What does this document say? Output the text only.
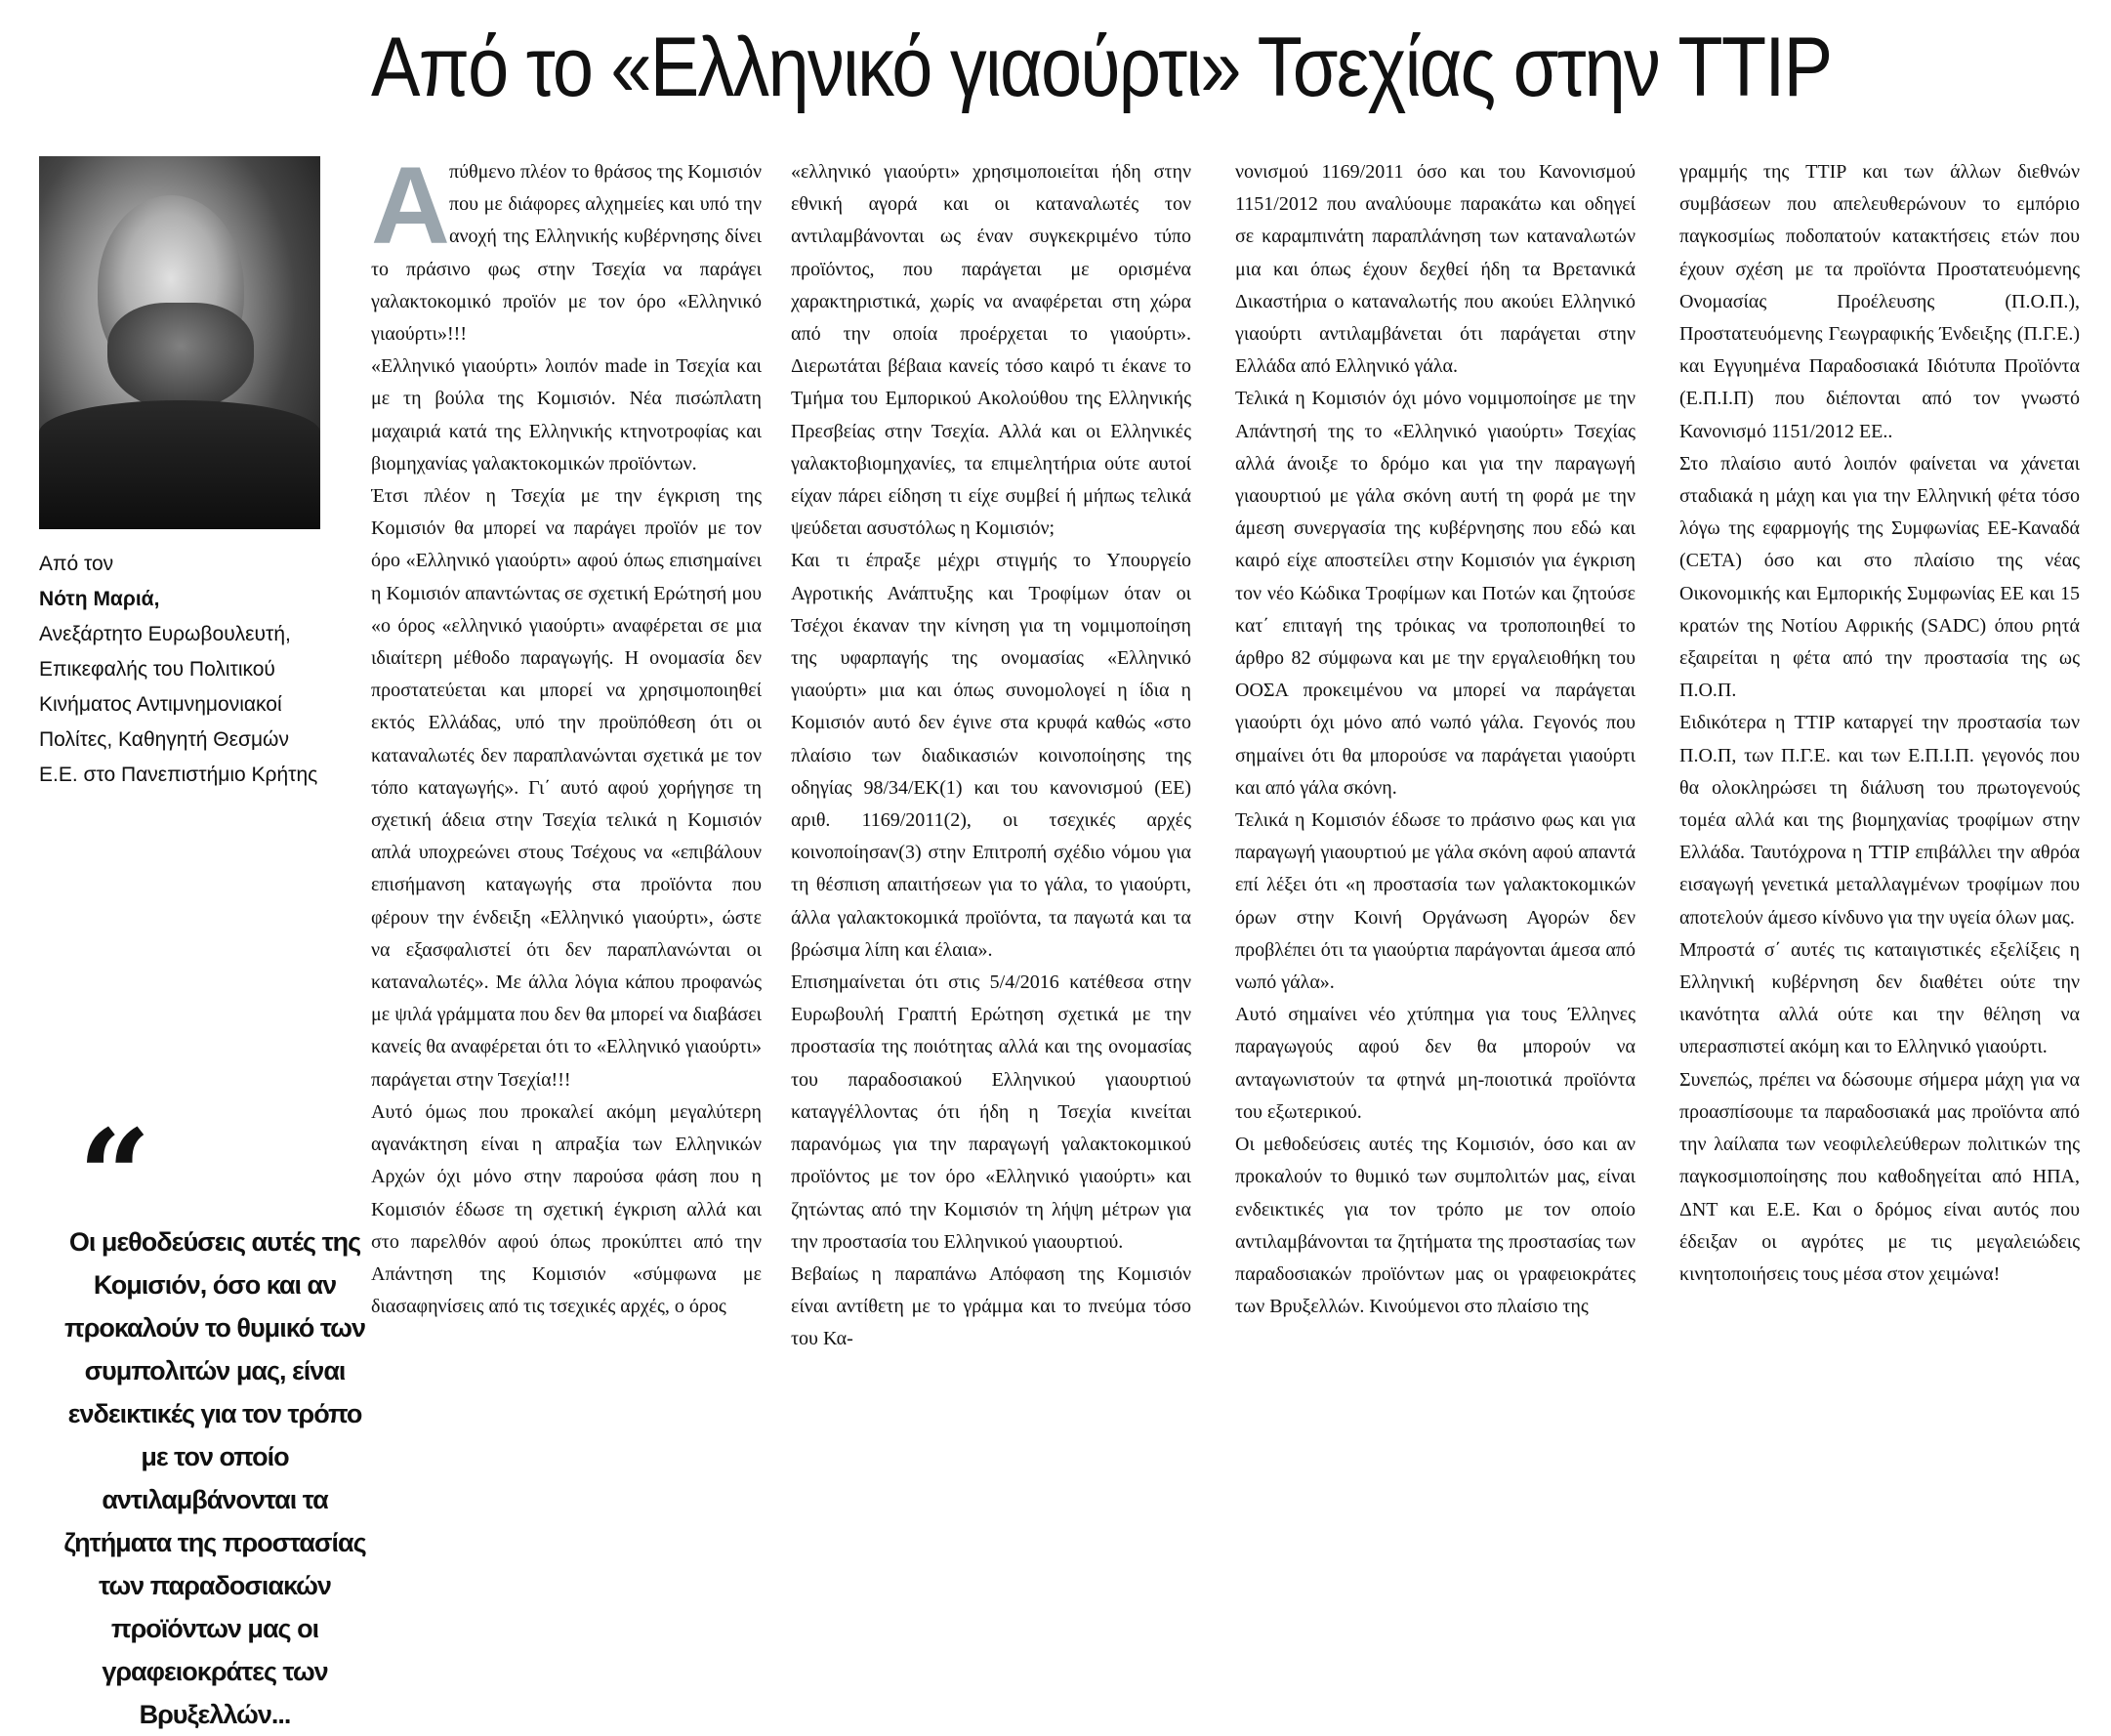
Από το «Ελληνικό γιαούρτι» Τσεχίας στην TTIP
Από τον
Νότη Μαριά,
Ανεξάρτητο Ευρωβουλευτή, Επικεφαλής του Πολιτικού Κινήματος Αντιμνημονιακοί Πολίτες, Καθηγητή Θεσμών Ε.Ε. στο Πανεπιστήμιο Κρήτης
“
Οι μεθοδεύσεις αυτές της Κομισιόν, όσο και αν προκαλούν το θυμικό των συμπολιτών μας, είναι ενδεικτικές για τον τρόπο με τον οποίο αντιλαμβάνονται τα ζητήματα της προστασίας των παραδοσιακών προϊόντων μας οι γραφειοκράτες των Βρυξελλών...
Α πύθμενο πλέον το θράσος της Κομισιόν που με διάφορες αλχημείες και υπό την ανοχή της Ελληνικής κυβέρνησης δίνει το πράσινο φως στην Τσεχία να παράγει γαλακτοκομικό προϊόν με τον όρο «Ελληνικό γιαούρτι»!!!

«Ελληνικό γιαούρτι» λοιπόν made in Τσεχία και με τη βούλα της Κομισιόν. Νέα πισώπλατη μαχαιριά κατά της Ελληνικής κτηνοτροφίας και βιομηχανίας γαλακτοκομικών προϊόντων.

Έτσι πλέον η Τσεχία με την έγκριση της Κομισιόν θα μπορεί να παράγει προϊόν με τον όρο «Ελληνικό γιαούρτι» αφού όπως επισημαίνει η Κομισιόν απαντώντας σε σχετική Ερώτησή μου «ο όρος «ελληνικό γιαούρτι» αναφέρεται σε μια ιδιαίτερη μέθοδο παραγωγής. Η ονομασία δεν προστατεύεται και μπορεί να χρησιμοποιηθεί εκτός Ελλάδας, υπό την προϋπόθεση ότι οι καταναλωτές δεν παραπλανώνται σχετικά με τον τόπο καταγωγής». Γι΄ αυτό αφού χορήγησε τη σχετική άδεια στην Τσεχία τελικά η Κομισιόν απλά υποχρεώνει στους Τσέχους να «επιβάλουν επισήμανση καταγωγής στα προϊόντα που φέρουν την ένδειξη «Ελληνικό γιαούρτι», ώστε να εξασφαλιστεί ότι δεν παραπλανώνται οι καταναλωτές». Με άλλα λόγια κάπου προφανώς με ψιλά γράμματα που δεν θα μπορεί να διαβάσει κανείς θα αναφέρεται ότι το «Ελληνικό γιαούρτι» παράγεται στην Τσεχία!!!

Αυτό όμως που προκαλεί ακόμη μεγαλύτερη αγανάκτηση είναι η απραξία των Ελληνικών Αρχών όχι μόνο στην παρούσα φάση που η Κομισιόν έδωσε τη σχετική έγκριση αλλά και στο παρελθόν αφού όπως προκύπτει από την Απάντηση της Κομισιόν «σύμφωνα με διασαφηνίσεις από τις τσεχικές αρχές, ο όρος

«ελληνικό γιαούρτι» χρησιμοποιείται ήδη στην εθνική αγορά και οι καταναλωτές τον αντιλαμβάνονται ως έναν συγκεκριμένο τύπο προϊόντος, που παράγεται με ορισμένα χαρακτηριστικά, χωρίς να αναφέρεται στη χώρα από την οποία προέρχεται το γιαούρτι». Διερωτάται βέβαια κανείς τόσο καιρό τι έκανε το Τμήμα του Εμπορικού Ακολούθου της Ελληνικής Πρεσβείας στην Τσεχία. Αλλά και οι Ελληνικές γαλακτοβιομηχανίες, τα επιμελητήρια ούτε αυτοί είχαν πάρει είδηση τι είχε συμβεί ή μήπως τελικά ψεύδεται ασυστόλως η Κομισιόν;

Και τι έπραξε μέχρι στιγμής το Υπουργείο Αγροτικής Ανάπτυξης και Τροφίμων όταν οι Τσέχοι έκαναν την κίνηση για τη νομιμοποίηση της υφαρπαγής της ονομασίας «Ελληνικό γιαούρτι» μια και όπως συνομολογεί η ίδια η Κομισιόν αυτό δεν έγινε στα κρυφά καθώς «στο πλαίσιο των διαδικασιών κοινοποίησης της οδηγίας 98/34/ΕΚ(1) και του κανονισμού (ΕΕ) αριθ. 1169/2011(2), οι τσεχικές αρχές κοινοποίησαν(3) στην Επιτροπή σχέδιο νόμου για τη θέσπιση απαιτήσεων για το γάλα, το γιαούρτι, άλλα γαλακτοκομικά προϊόντα, τα παγωτά και τα βρώσιμα λίπη και έλαια».

Επισημαίνεται ότι στις 5/4/2016 κατέθεσα στην Ευρωβουλή Γραπτή Ερώτηση σχετικά με την προστασία της ποιότητας αλλά και της ονομασίας του παραδοσιακού Ελληνικού γιαουρτιού καταγγέλλοντας ότι ήδη η Τσεχία κινείται παρανόμως για την παραγωγή γαλακτοκομικού προϊόντος με τον όρο «Ελληνικό γιαούρτι» και ζητώντας από την Κομισιόν τη λήψη μέτρων για την προστασία του Ελληνικού γιαουρτιού.

Βεβαίως η παραπάνω Απόφαση της Κομισιόν είναι αντίθετη με το γράμμα και το πνεύμα τόσο του Κα-

νονισμού 1169/2011 όσο και του Κανονισμού 1151/2012 που αναλύουμε παρακάτω και οδηγεί σε καραμπινάτη παραπλάνηση των καταναλωτών μια και όπως έχουν δεχθεί ήδη τα Βρετανικά Δικαστήρια ο καταναλωτής που ακούει Ελληνικό γιαούρτι αντιλαμβάνεται ότι παράγεται στην Ελλάδα από Ελληνικό γάλα.

Τελικά η Κομισιόν όχι μόνο νομιμοποίησε με την Απάντησή της το «Ελληνικό γιαούρτι» Τσεχίας αλλά άνοιξε το δρόμο και για την παραγωγή γιαουρτιού με γάλα σκόνη αυτή τη φορά με την άμεση συνεργασία της κυβέρνησης που εδώ και καιρό είχε αποστείλει στην Κομισιόν για έγκριση τον νέο Κώδικα Τροφίμων και Ποτών και ζητούσε κατ΄ επιταγή της τρόικας να τροποποιηθεί το άρθρο 82 σύμφωνα και με την εργαλειοθήκη του ΟΟΣΑ προκειμένου να μπορεί να παράγεται γιαούρτι όχι μόνο από νωπό γάλα. Γεγονός που σημαίνει ότι θα μπορούσε να παράγεται γιαούρτι και από γάλα σκόνη.

Τελικά η Κομισιόν έδωσε το πράσινο φως και για παραγωγή γιαουρτιού με γάλα σκόνη αφού απαντά επί λέξει ότι «η προστασία των γαλακτοκομικών όρων στην Κοινή Οργάνωση Αγορών δεν προβλέπει ότι τα γιαούρτια παράγονται άμεσα από νωπό γάλα».

Αυτό σημαίνει νέο χτύπημα για τους Έλληνες παραγωγούς αφού δεν θα μπορούν να ανταγωνιστούν τα φτηνά μη-ποιοτικά προϊόντα του εξωτερικού.

Οι μεθοδεύσεις αυτές της Κομισιόν, όσο και αν προκαλούν το θυμικό των συμπολιτών μας, είναι ενδεικτικές για τον τρόπο με τον οποίο αντιλαμβάνονται τα ζητήματα της προστασίας των παραδοσιακών προϊόντων μας οι γραφειοκράτες των Βρυξελλών. Κινούμενοι στο πλαίσιο της

γραμμής της TTIP και των άλλων διεθνών συμβάσεων που απελευθερώνουν το εμπόριο παγκοσμίως ποδοπατούν κατακτήσεις ετών που έχουν σχέση με τα προϊόντα Προστατευόμενης Ονομασίας Προέλευσης (Π.Ο.Π.), Προστατευόμενης Γεωγραφικής Ένδειξης (Π.Γ.Ε.) και Εγγυημένα Παραδοσιακά Ιδιότυπα Προϊόντα (Ε.Π.Ι.Π) που διέπονται από τον γνωστό Κανονισμό 1151/2012 ΕΕ..

Στο πλαίσιο αυτό λοιπόν φαίνεται να χάνεται σταδιακά η μάχη και για την Ελληνική φέτα τόσο λόγω της εφαρμογής της Συμφωνίας ΕΕ-Καναδά (CETA) όσο και στο πλαίσιο της νέας Οικονομικής και Εμπορικής Συμφωνίας ΕΕ και 15 κρατών της Νοτίου Αφρικής (SADC) όπου ρητά εξαιρείται η φέτα από την προστασία της ως Π.Ο.Π.

Ειδικότερα η TTIP καταργεί την προστασία των Π.Ο.Π, των Π.Γ.Ε. και των Ε.Π.Ι.Π. γεγονός που θα ολοκληρώσει τη διάλυση του πρωτογενούς τομέα αλλά και της βιομηχανίας τροφίμων στην Ελλάδα. Ταυτόχρονα η TTIP επιβάλλει την αθρόα εισαγωγή γενετικά μεταλλαγμένων τροφίμων που αποτελούν άμεσο κίνδυνο για την υγεία όλων μας.

Μπροστά σ΄ αυτές τις καταιγιστικές εξελίξεις η Ελληνική κυβέρνηση δεν διαθέτει ούτε την ικανότητα αλλά ούτε και την θέληση να υπερασπιστεί ακόμη και το Ελληνικό γιαούρτι.

Συνεπώς, πρέπει να δώσουμε σήμερα μάχη για να προασπίσουμε τα παραδοσιακά μας προϊόντα από την λαίλαπα των νεοφιλελεύθερων πολιτικών της παγκοσμιοποίησης που καθοδηγείται από ΗΠΑ, ΔΝΤ και Ε.Ε. Και ο δρόμος είναι αυτός που έδειξαν οι αγρότες με τις μεγαλειώδεις κινητοποιήσεις τους μέσα στον χειμώνα!
